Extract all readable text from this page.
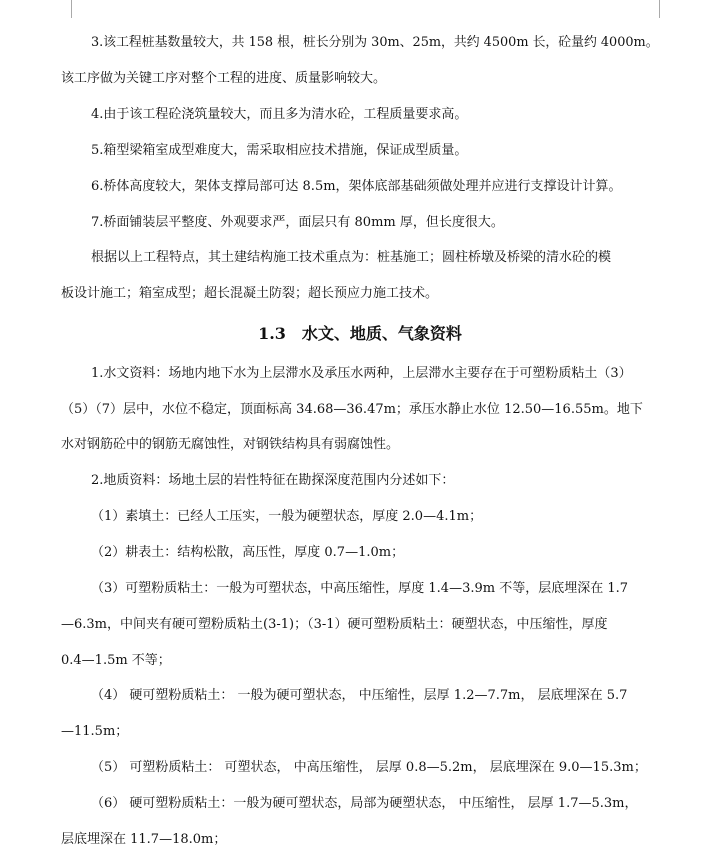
3.该工程桩基数量较大，共 158 根，桩长分别为 30m、25m，共约 4500m 长，砼量约 4000m。
该工序做为关键工序对整个工程的进度、质量影响较大。
4.由于该工程砼浇筑量较大，而且多为清水砼，工程质量要求高。
5.箱型梁箱室成型难度大，需采取相应技术措施，保证成型质量。
6.桥体高度较大，架体支撑局部可达 8.5m，架体底部基础须做处理并应进行支撑设计计算。
7.桥面铺装层平整度、外观要求严，面层只有 80mm 厚，但长度很大。
根据以上工程特点，其土建结构施工技术重点为：桩基施工；圆柱桥墩及桥梁的清水砼的模
板设计施工；箱室成型；超长混凝土防裂；超长预应力施工技术。
1.3　水文、地质、气象资料
1.水文资料：场地内地下水为上层滞水及承压水两种，上层滞水主要存在于可塑粉质粘土（3）
（5）（7）层中，水位不稳定，顶面标高 34.68—36.47m；承压水静止水位 12.50—16.55m。地下
水对钢筋砼中的钢筋无腐蚀性，对钢铁结构具有弱腐蚀性。
2.地质资料：场地土层的岩性特征在勘探深度范围内分述如下：
（1）素填土：已经人工压实，一般为硬塑状态，厚度 2.0—4.1m；
（2）耕表土：结构松散，高压性，厚度 0.7—1.0m；
（3）可塑粉质粘土：一般为可塑状态，中高压缩性，厚度 1.4—3.9m 不等，层底埋深在 1.7
—6.3m，中间夹有硬可塑粉质粘土(3-1)；（3-1）硬可塑粉质粘土：硬塑状态，中压缩性，厚度
0.4—1.5m 不等；
（4） 硬可塑粉质粘土： 一般为硬可塑状态， 中压缩性，层厚 1.2—7.7m， 层底埋深在 5.7
—11.5m；
（5） 可塑粉质粘土： 可塑状态， 中高压缩性， 层厚 0.8—5.2m， 层底埋深在 9.0—15.3m；
（6） 硬可塑粉质粘土：一般为硬可塑状态，局部为硬塑状态， 中压缩性， 层厚 1.7—5.3m，
层底埋深在 11.7—18.0m；
